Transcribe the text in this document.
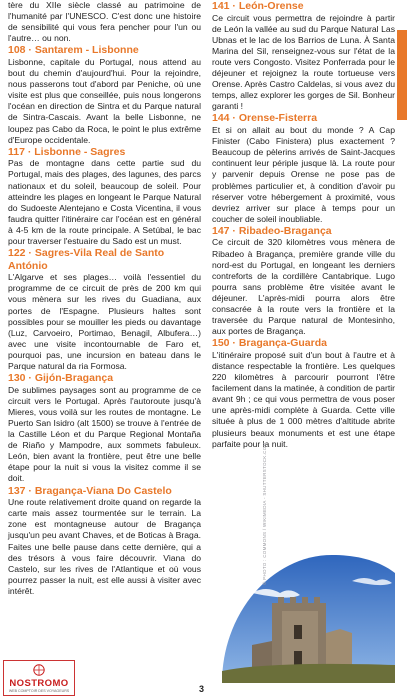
tère du XIIe siècle classé au patrimoine de l'humanité par l'UNESCO. C'est donc une histoire de sensibilité qui vous fera pencher pour l'un ou l'autre… ou non.

108 · Santarem - Lisbonne

Lisbonne, capitale du Portugal, nous attend au bout du chemin d'aujourd'hui. Pour la rejoindre, nous passerons tout d'abord par Peniche, où une visite est plus que conseillée, puis nous longerons l'océan en direction de Sintra et du Parque natural de Sintra-Cascais. Avant la belle Lisbonne, ne loupez pas Cabo da Roca, le point le plus extrême d'Europe occidentale.

117 · Lisbonne - Sagres

Pas de montagne dans cette partie sud du Portugal, mais des plages, des lagunes, des parcs nationaux et du soleil, beaucoup de soleil. Pour atteindre les plages en longeant le Parque Natural do Sudoeste Alentejano e Costa Vicentina, il vous faudra quitter l'itinéraire car l'océan est en général à 4-5 km de la route principale. A Setúbal, le bac pour traverser l'estuaire du Sado est un must.

122 · Sagres-Vila Real de Santo António

L'Algarve et ses plages… voilà l'essentiel du programme de ce circuit de près de 200 km qui vous mènera sur les rives du Guadiana, aux portes de l'Espagne. Plusieurs haltes sont possibles pour se mouiller les pieds ou davantage (Luz, Carvoeiro, Portimao, Benagil, Albufera…) avec une visite incontournable de Faro et, pourquoi pas, une incursion en bateau dans le Parque natural da ria Formosa.

130 · Gijón-Bragança

De sublimes paysages sont au programme de ce circuit vers le Portugal. Après l'autoroute jusqu'à Mieres, vous voilà sur les routes de montagne. Le Puerto San Isidro (alt 1500) se trouve à l'entrée de la Castille Léon et du Parque Regional Montaña de Riaño y Mampodre, aux sommets fabuleux. León, bien avant la frontière, peut être une belle étape pour la nuit si vous la visitez comme il se doit.

137 · Bragança-Viana Do Castelo

Une route relativement droite quand on regarde la carte mais assez tourmentée sur le terrain. La zone est montagneuse autour de Bragança jusqu'un peu avant Chaves, et de Boticas à Braga. Faites une belle pause dans cette dernière, qui a des trésors à vous faire découvrir. Viana do Castelo, sur les rives de l'Atlantique et où vous pourrez passer la nuit, est elle aussi à visiter avec intérêt.

141 · León-Orense

Ce circuit vous permettra de rejoindre à partir de León la vallée au sud du Parque Natural Las Ubnas et le lac de los Barrios de Luna. À Santa Marina del Sil, renseignez-vous sur l'état de la route vers Congosto. Visitez Ponferrada pour le déjeuner et rejoignez la route tortueuse vers Orense. Après Castro Caldelas, si vous avez du temps, allez explorer les gorges de Sil. Bonheur garanti !

144 · Orense-Fisterra

Et si on allait au bout du monde ? A Cap Finister (Cabo Finistera) plus exactement ? Beaucoup de pèlerins arrivés de Saint-Jacques continuent leur périple jusque là. La route pour y parvenir depuis Orense ne pose pas de problèmes particulier et, à condition d'avoir pu réserver votre hébergement à proximité, vous devriez arriver sur place à temps pour un coucher de soleil inoubliable.

147 · Ribadeo-Bragança

Ce circuit de 320 kilomètres vous mènera de Ribadeo à Bragança, première grande ville du nord-est du Portugal, en longeant les derniers contreforts de la cordillère Cantabrique. Lugo pourra sans problème être visitée avant le déjeuner. L'après-midi pourra alors être consacrée à la route vers la frontière et la traversée du Parque natural de Montesinho, aux portes de Bragança.

150 · Bragança-Guarda

L'itinéraire proposé suit d'un bout à l'autre et à distance respectable la frontière. Les quelques 220 kilomètres à parcourir pourront l'être facilement dans la matinée, à condition de partir avant 9h ; ce qui vous permettra de vous poser une après-midi complète à Guarda. Cette ville située à plus de 1 000 mètres d'altitude abrite plusieurs beaux monuments et est une étape parfaite pour la nuit.

© PHOTO : COMMONS / WIKIMEDIA - SHUTTERSTOCK.COM
NOSTROMO
WEB COMPTOIR DES VOYAGEURS	3
